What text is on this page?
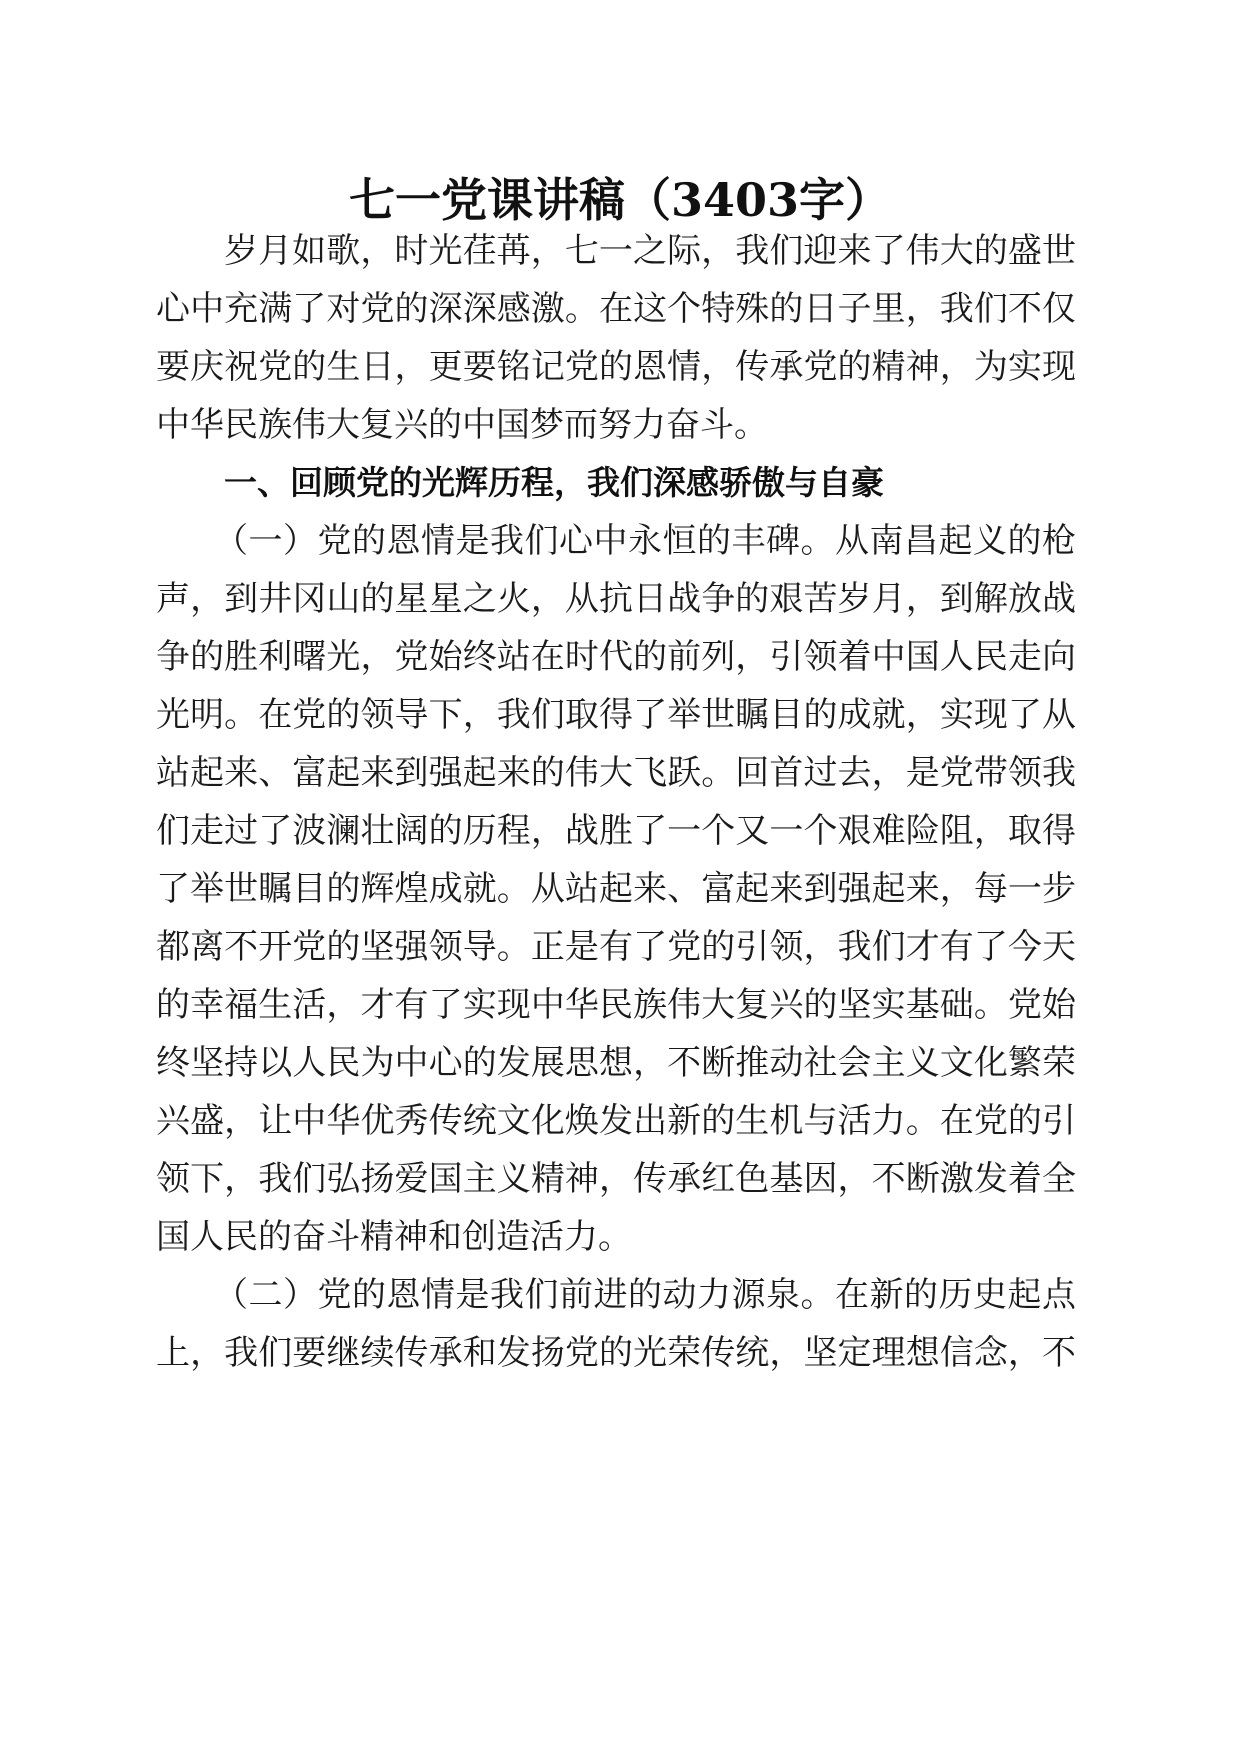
七一党课讲稿（3403字）
岁月如歌，时光荏苒，七一之际，我们迎来了伟大的盛世
心中充满了对党的深深感激。在这个特殊的日子里，我们不仅
要庆祝党的生日，更要铭记党的恩情，传承党的精神，为实现
中华民族伟大复兴的中国梦而努力奋斗。
一、回顾党的光辉历程，我们深感骄傲与自豪
（一）党的恩情是我们心中永恒的丰碑。从南昌起义的枪
声，到井冈山的星星之火，从抗日战争的艰苦岁月，到解放战
争的胜利曙光，党始终站在时代的前列，引领着中国人民走向
光明。在党的领导下，我们取得了举世瞩目的成就，实现了从
站起来、富起来到强起来的伟大飞跃。回首过去，是党带领我
们走过了波澜壮阔的历程，战胜了一个又一个艰难险阻，取得
了举世瞩目的辉煌成就。从站起来、富起来到强起来，每一步
都离不开党的坚强领导。正是有了党的引领，我们才有了今天
的幸福生活，才有了实现中华民族伟大复兴的坚实基础。党始
终坚持以人民为中心的发展思想，不断推动社会主义文化繁荣
兴盛，让中华优秀传统文化焕发出新的生机与活力。在党的引
领下，我们弘扬爱国主义精神，传承红色基因，不断激发着全
国人民的奋斗精神和创造活力。
（二）党的恩情是我们前进的动力源泉。在新的历史起点
上，我们要继续传承和发扬党的光荣传统，坚定理想信念，不
